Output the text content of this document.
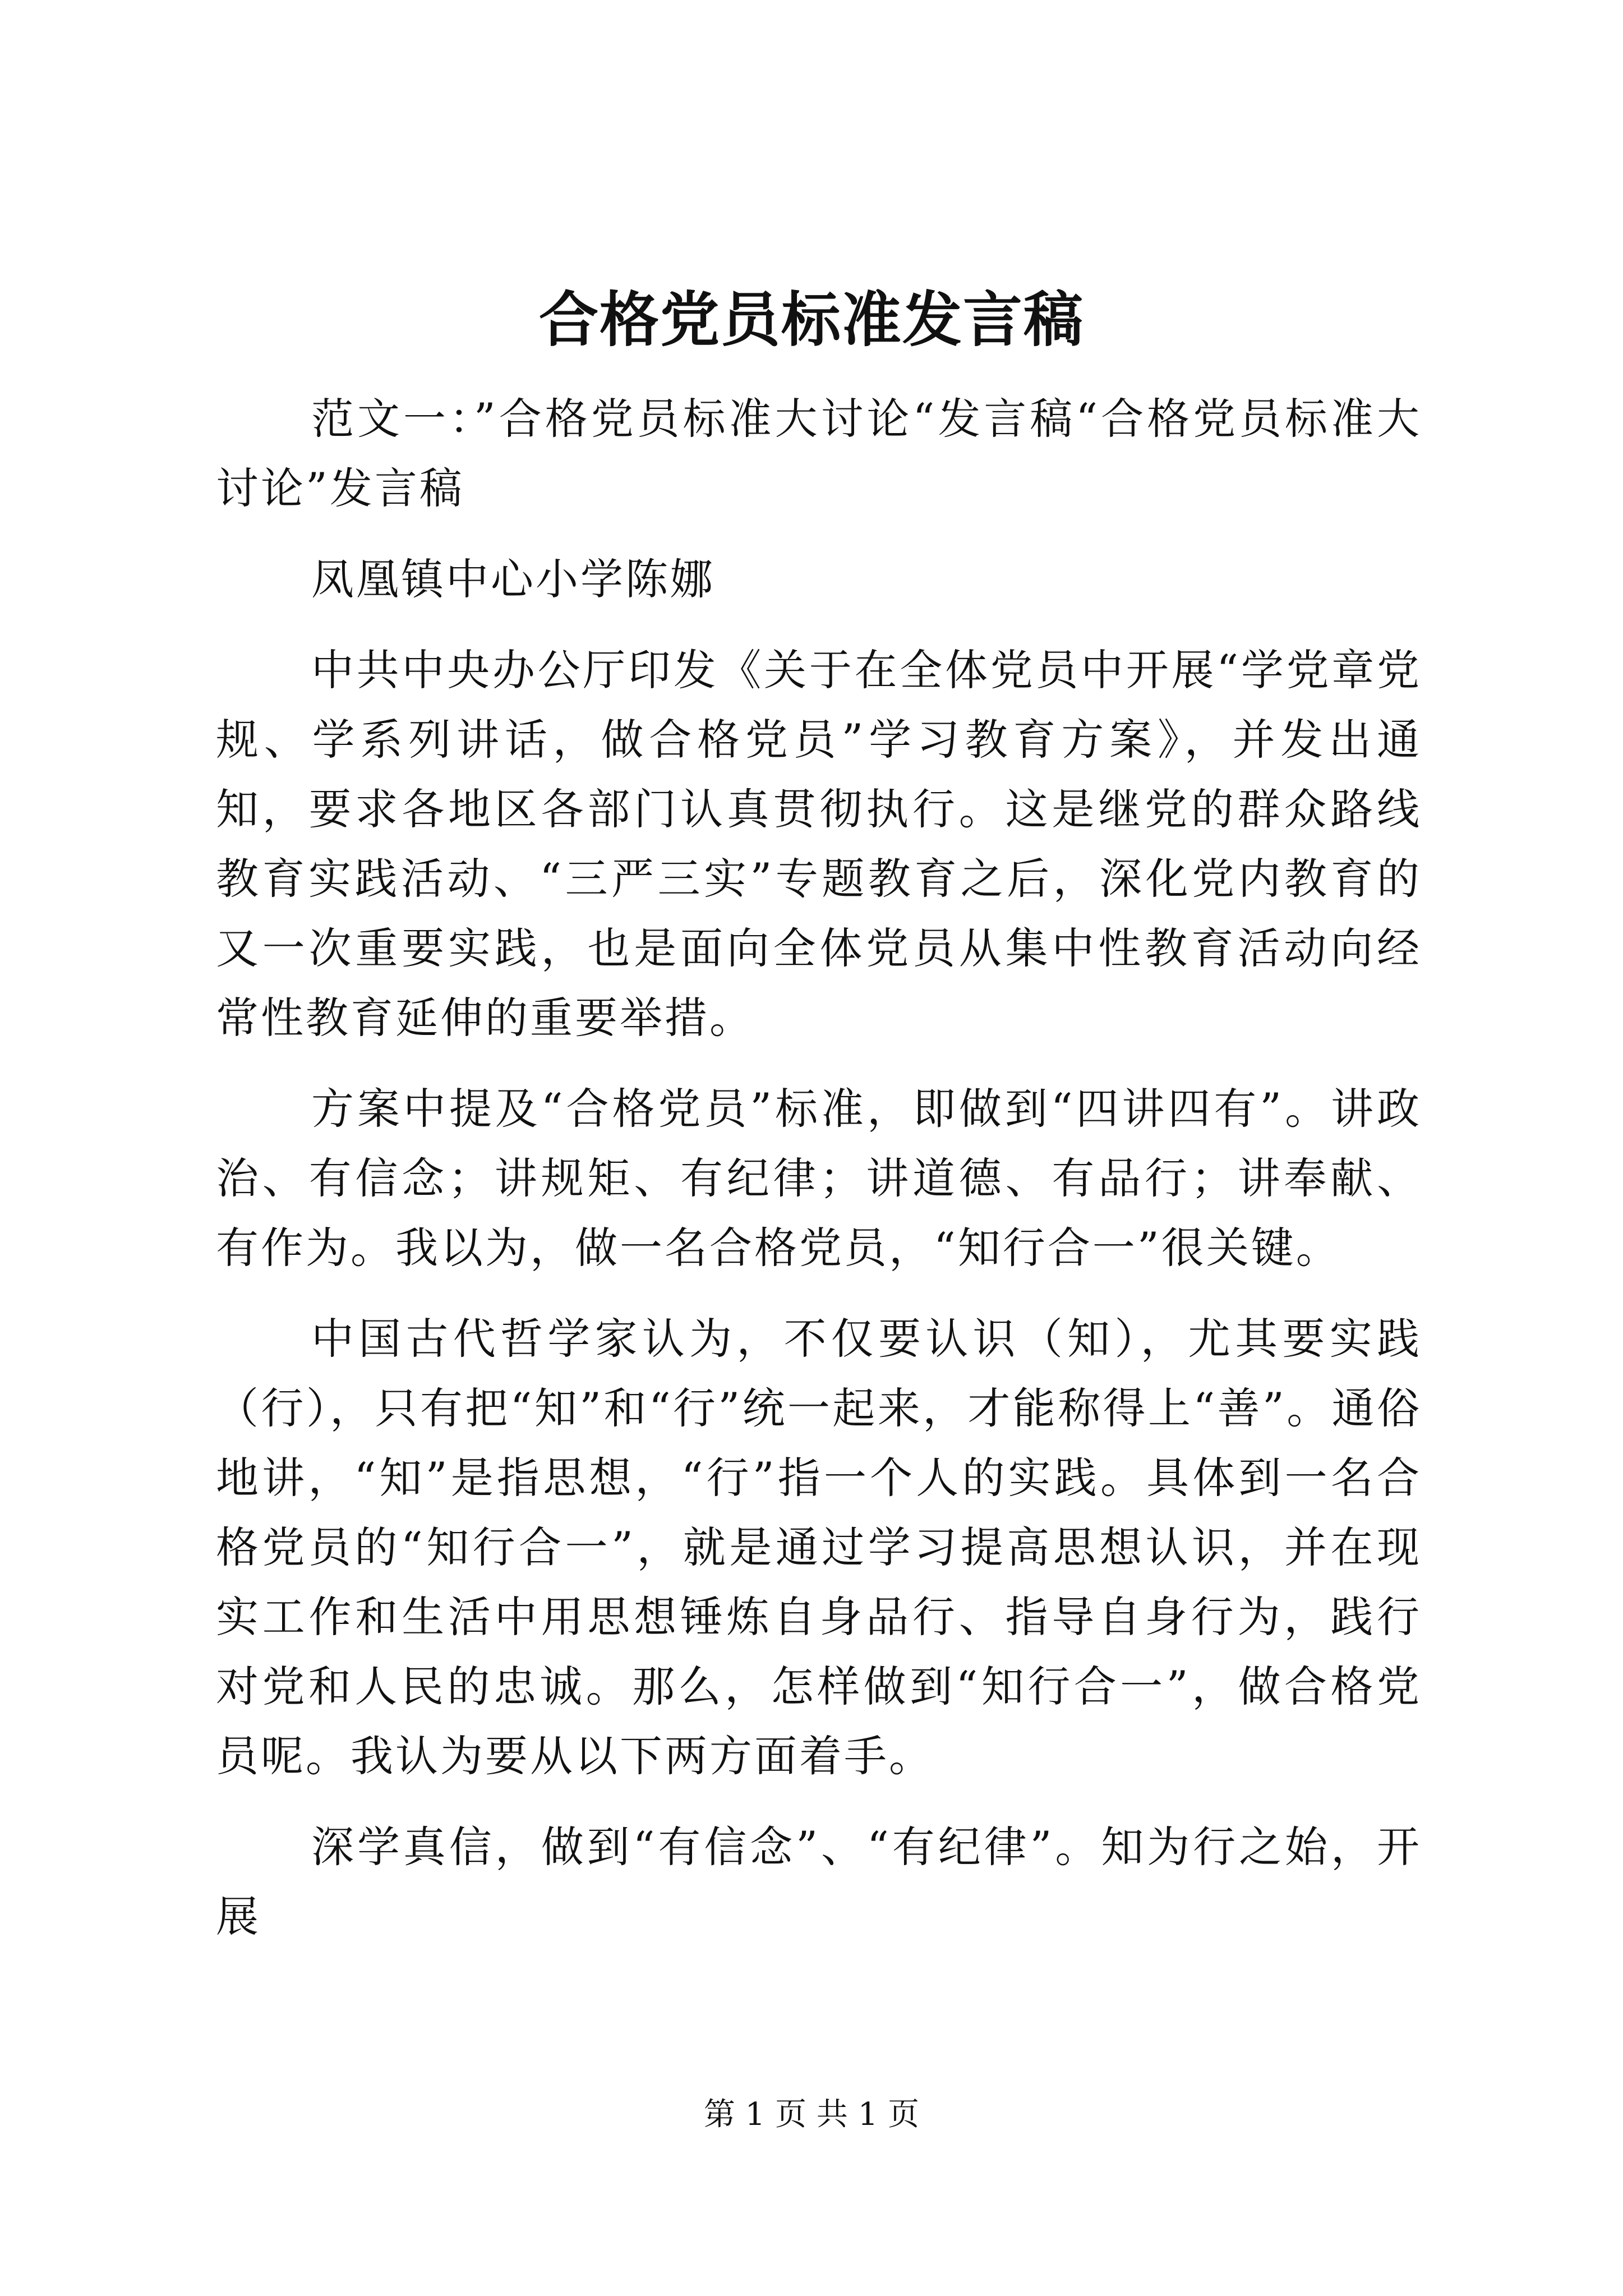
合格党员标准发言稿

范文一：”合格党员标准大讨论“发言稿“合格党员标准大讨论”发言稿

凤凰镇中心小学陈娜

中共中央办公厅印发《关于在全体党员中开展“学党章党规、学系列讲话，做合格党员”学习教育方案》，并发出通知，要求各地区各部门认真贯彻执行。这是继党的群众路线教育实践活动、“三严三实”专题教育之后，深化党内教育的又一次重要实践，也是面向全体党员从集中性教育活动向经常性教育延伸的重要举措。

方案中提及“合格党员”标准，即做到“四讲四有”。讲政治、有信念；讲规矩、有纪律；讲道德、有品行；讲奉献、有作为。我以为，做一名合格党员，“知行合一”很关键。

中国古代哲学家认为，不仅要认识（知），尤其要实践（行），只有把“知”和“行”统一起来，才能称得上“善”。通俗地讲，“知”是指思想，“行”指一个人的实践。具体到一名合格党员的“知行合一”，就是通过学习提高思想认识，并在现实工作和生活中用思想锤炼自身品行、指导自身行为，践行对党和人民的忠诚。那么，怎样做到“知行合一”，做合格党员呢。我认为要从以下两方面着手。

深学真信，做到“有信念”、“有纪律”。知为行之始，开展

第 1 页 共 1 页
